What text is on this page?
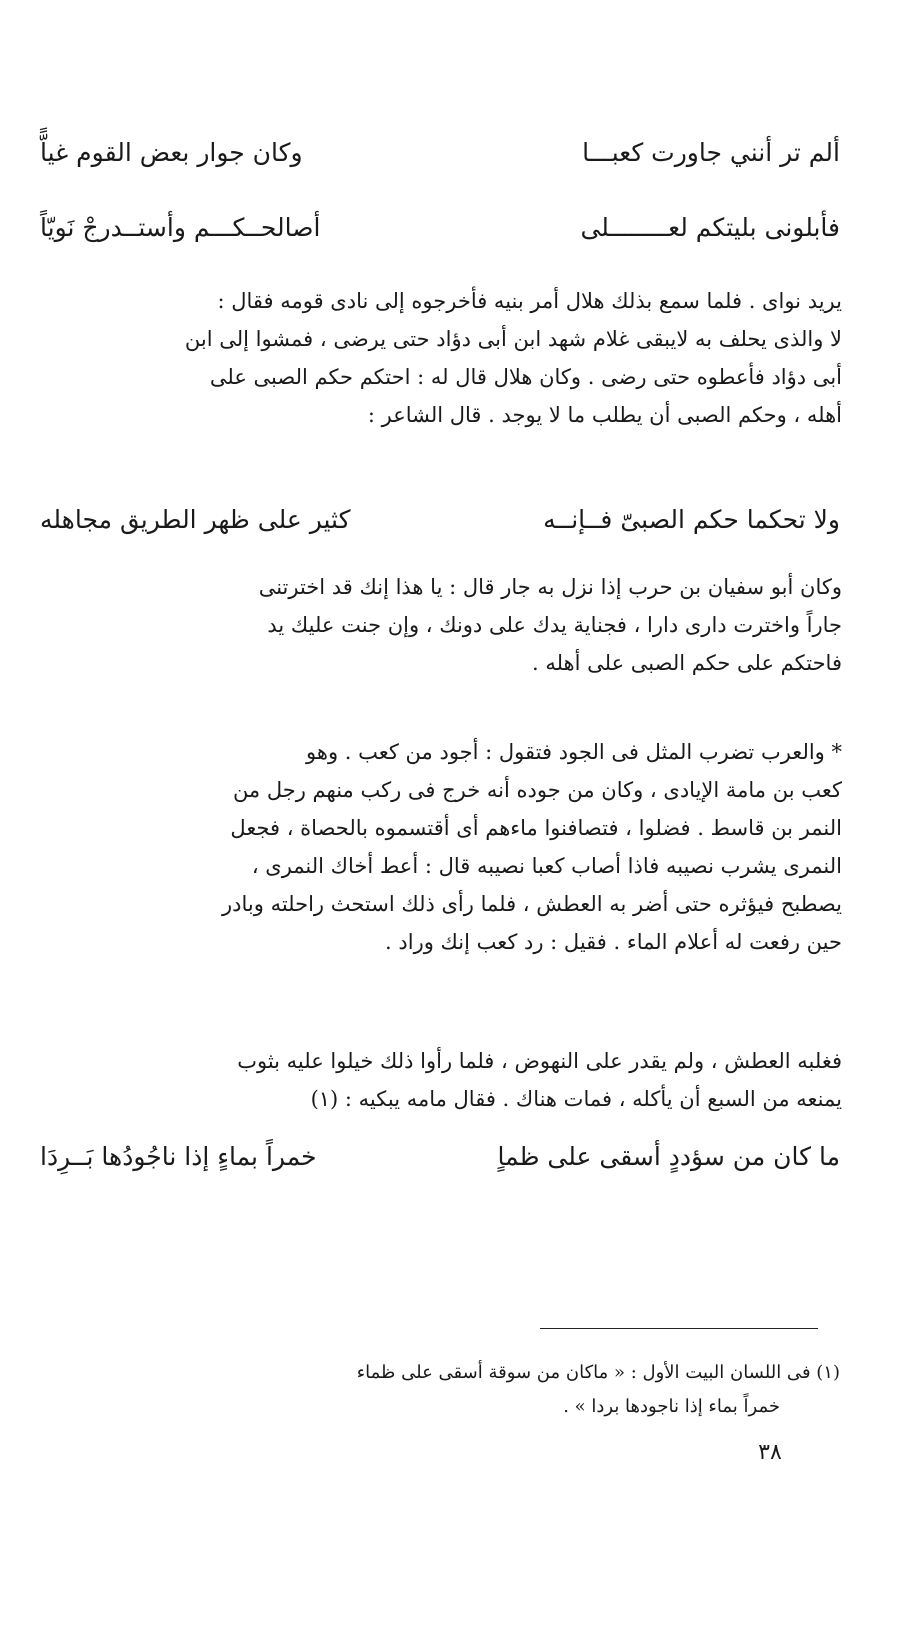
ألم تر أنني جاورت كعبـــا
وكان جوار بعض القوم غياًّ
فأبلونى بليتكم لعــــــــلى
أصالحــكـــم وأستــدرجْ نَويّاً

يريد نواى . فلما سمع بذلك هلال أمر بنيه فأخرجوه إلى نادى قومه فقال :

لا والذى يحلف به لايبقى غلام شهد ابن أبى دؤاد حتى يرضى ، فمشوا إلى ابن

أبى دؤاد فأعطوه حتى رضى . وكان هلال قال له : احتكم حكم الصبى على

أهله ، وحكم الصبى أن يطلب ما لا يوجد . قال الشاعر :

ولا تحكما حكم الصبىّ فــإنــه
كثير على ظهر الطريق مجاهله

وكان أبو سفيان بن حرب إذا نزل به جار قال : يا هذا إنك قد اخترتنى

جاراً واخترت دارى دارا ، فجناية يدك على دونك ، وإن جنت عليك يد

فاحتكم على حكم الصبى على أهله .

* والعرب تضرب المثل فى الجود فتقول : أجود من كعب . وهو

كعب بن مامة الإيادى ، وكان من جوده أنه خرج فى ركب منهم رجل من

النمر بن قاسط . فضلوا ، فتصافنوا ماءهم أى أقتسموه بالحصاة ، فجعل

النمرى يشرب نصيبه فاذا أصاب كعبا نصيبه قال : أعط أخاك النمرى ،

يصطبح فيؤثره حتى أضر به العطش ، فلما رأى ذلك استحث راحلته وبادر

حين رفعت له أعلام الماء . فقيل : رد كعب إنك وراد .

فغلبه العطش ، ولم يقدر على النهوض ، فلما رأوا ذلك خيلوا عليه بثوب

يمنعه من السبع أن يأكله ، فمات هناك . فقال مامه يبكيه : (١)

ما كان من سؤددٍ أسقى على ظماٍ
خمراً بماءٍ إذا ناجُودُها بَــرِدَا
(١) فى اللسان البيت الأول : « ماكان من سوقة أسقى على ظماء
خمراً بماء إذا ناجودها بردا » .
٣٨
